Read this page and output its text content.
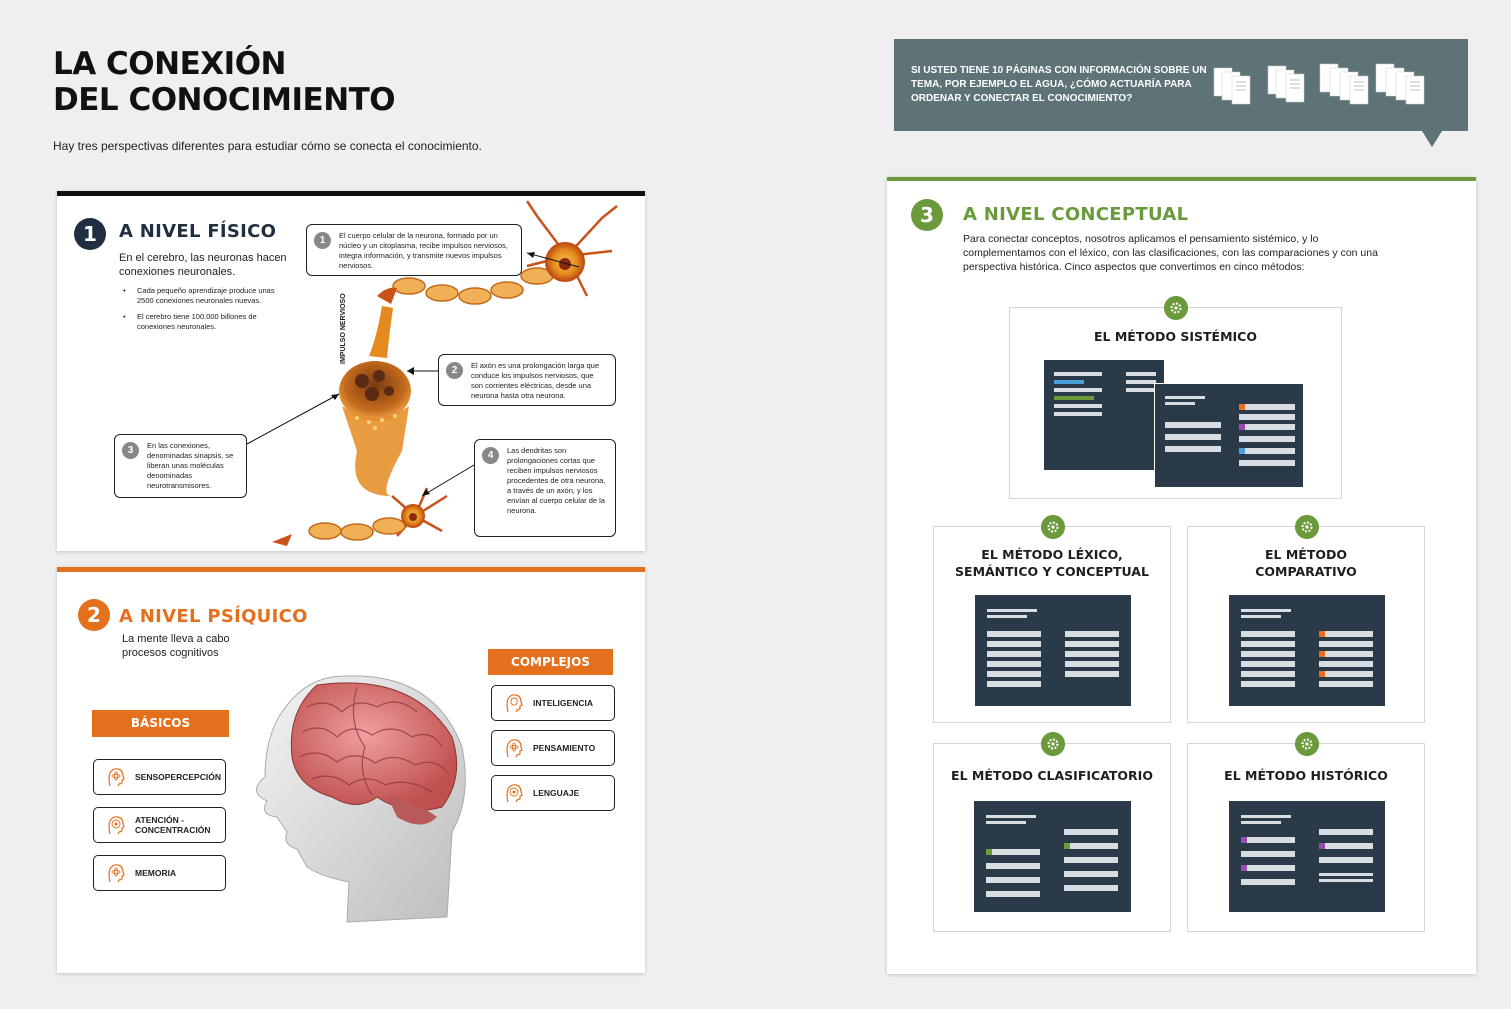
LA CONEXIÓN
DEL CONOCIMIENTO
Hay tres perspectivas diferentes para estudiar cómo se conecta el conocimiento.
SI USTED TIENE 10 PÁGINAS CON INFORMACIÓN SOBRE UN TEMA, POR EJEMPLO EL AGUA, ¿CÓMO ACTUARÍA PARA ORDENAR Y CONECTAR EL CONOCIMIENTO?
1	A NIVEL FÍSICO
En el cerebro, las neuronas hacen conexiones neuronales.
• Cada pequeño aprendizaje produce unas 2500 conexiones neuronales nuevas.
• El cerebro tiene 100.000 billones de conexiones neuronales.	IMPULSO NERVIOSO
1	El cuerpo celular de la neurona, formado por un núcleo y un citoplasma, recibe impulsos nerviosos, integra información, y transmite nuevos impulsos nerviosos.
2	El axón es una prolongación larga que conduce los impulsos nerviosos, que son corrientes eléctricas, desde una neurona hasta otra neurona.
3	En las conexiones, denominadas sinapsis, se liberan unas moléculas denominadas neurotransmisores.
4	Las dendritas son prolongaciones cortas que reciben impulsos nerviosos procedentes de otra neurona, a través de un axón, y los envían al cuerpo celular de la neurona.
2	A NIVEL PSÍQUICO
La mente lleva a cabo procesos cognitivos
COMPLEJOS
BÁSICOS
SENSOPERCEPCIÓN
ATENCIÓN -CONCENTRACIÓN
MEMORIA
INTELIGENCIA
PENSAMIENTO
LENGUAJE
3	A NIVEL CONCEPTUAL
Para conectar conceptos, nosotros aplicamos el pensamiento sistémico, y lo complementamos con el léxico, con las clasificaciones, con las comparaciones y con una perspectiva histórica. Cinco aspectos que convertimos en cinco métodos:
EL MÉTODO SISTÉMICO
EL MÉTODO LÉXICO,
SEMÁNTICO Y CONCEPTUAL
EL MÉTODO
COMPARATIVO
EL MÉTODO CLASIFICATORIO	EL MÉTODO HISTÓRICO
